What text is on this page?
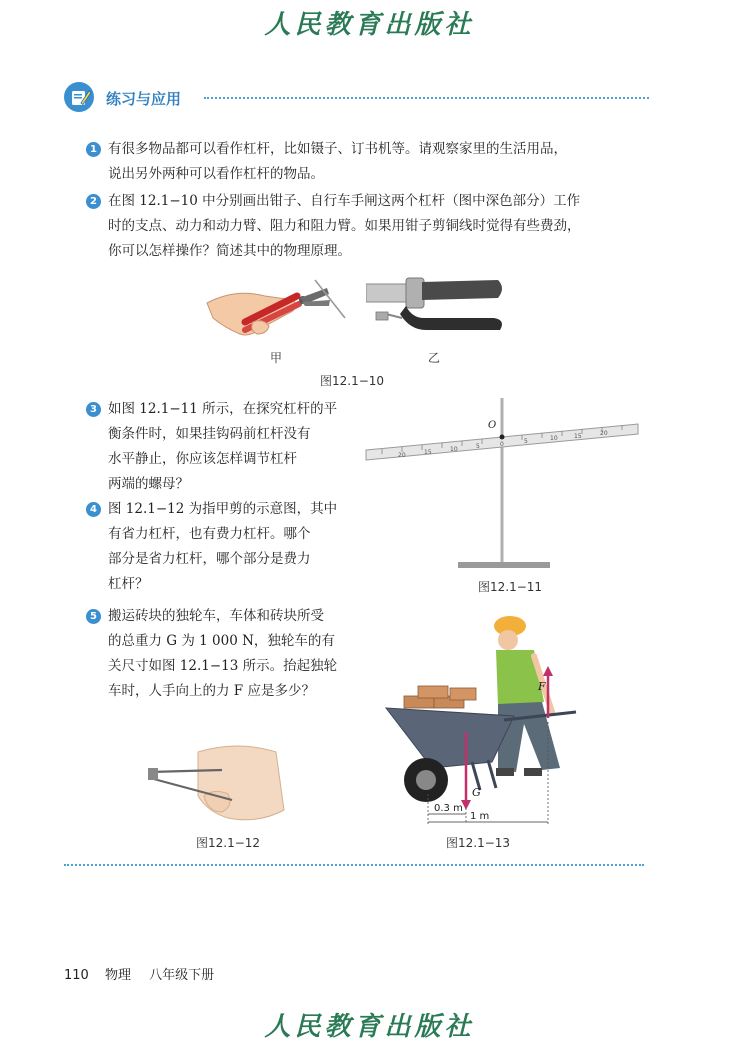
人民教育出版社
练习与应用
1 有很多物品都可以看作杠杆，比如镊子、订书机等。请观察家里的生活用品，
说出另外两种可以看作杠杆的物品。
2 在图 12.1−10 中分别画出钳子、自行车手闸这两个杠杆（图中深色部分）工作
时的支点、动力和动力臂、阻力和阻力臂。如果用钳子剪铜线时觉得有些费劲，
你可以怎样操作？简述其中的物理原理。
甲	乙
图12.1−10
3 如图 12.1−11 所示，在探究杠杆的平
衡条件时，如果挂钩码前杠杆没有
水平静止，你应该怎样调节杠杆
两端的螺母？
O
20	15	10	5	0	5	10	15	20
图12.1−11
4 图 12.1−12 为指甲剪的示意图，其中
有省力杠杆，也有费力杠杆。哪个
部分是省力杠杆，哪个部分是费力
杠杆？
5 搬运砖块的独轮车，车体和砖块所受
的总重力 G 为 1 000 N，独轮车的有
关尺寸如图 12.1−13 所示。抬起独轮
车时，人手向上的力 F 应是多少？
图12.1−12
G
F
0.3 m
1 m
图12.1−13
110 物理 八年级下册
人民教育出版社
